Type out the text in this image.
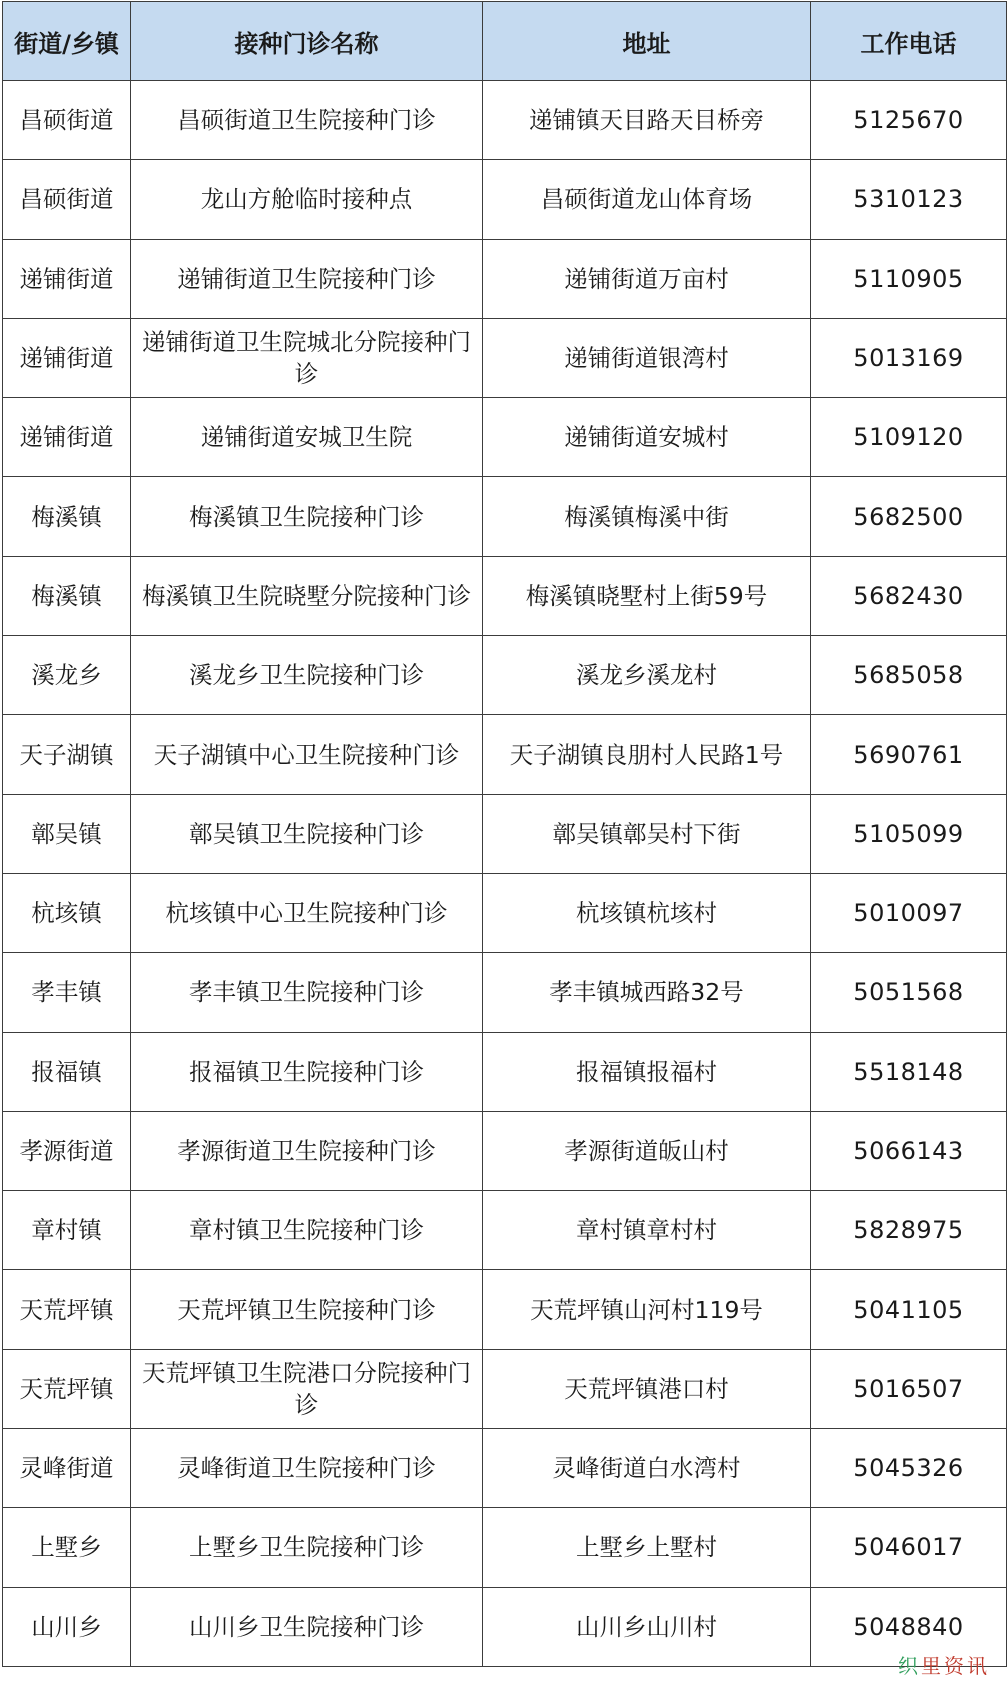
街道/乡镇	接种门诊名称	地址	工作电话
昌硕街道	昌硕街道卫生院接种门诊	递铺镇天目路天目桥旁	5125670
昌硕街道	龙山方舱临时接种点	昌硕街道龙山体育场	5310123
递铺街道	递铺街道卫生院接种门诊	递铺街道万亩村	5110905
递铺街道	递铺街道卫生院城北分院接种门诊	递铺街道银湾村	5013169
递铺街道	递铺街道安城卫生院	递铺街道安城村	5109120
梅溪镇	梅溪镇卫生院接种门诊	梅溪镇梅溪中街	5682500
梅溪镇	梅溪镇卫生院晓墅分院接种门诊	梅溪镇晓墅村上街59号	5682430
溪龙乡	溪龙乡卫生院接种门诊	溪龙乡溪龙村	5685058
天子湖镇	天子湖镇中心卫生院接种门诊	天子湖镇良朋村人民路1号	5690761
鄣吴镇	鄣吴镇卫生院接种门诊	鄣吴镇鄣吴村下街	5105099
杭垓镇	杭垓镇中心卫生院接种门诊	杭垓镇杭垓村	5010097
孝丰镇	孝丰镇卫生院接种门诊	孝丰镇城西路32号	5051568
报福镇	报福镇卫生院接种门诊	报福镇报福村	5518148
孝源街道	孝源街道卫生院接种门诊	孝源街道皈山村	5066143
章村镇	章村镇卫生院接种门诊	章村镇章村村	5828975
天荒坪镇	天荒坪镇卫生院接种门诊	天荒坪镇山河村119号	5041105
天荒坪镇	天荒坪镇卫生院港口分院接种门诊	天荒坪镇港口村	5016507
灵峰街道	灵峰街道卫生院接种门诊	灵峰街道白水湾村	5045326
上墅乡	上墅乡卫生院接种门诊	上墅乡上墅村	5046017
山川乡	山川乡卫生院接种门诊	山川乡山川村	5048840
织里资讯
